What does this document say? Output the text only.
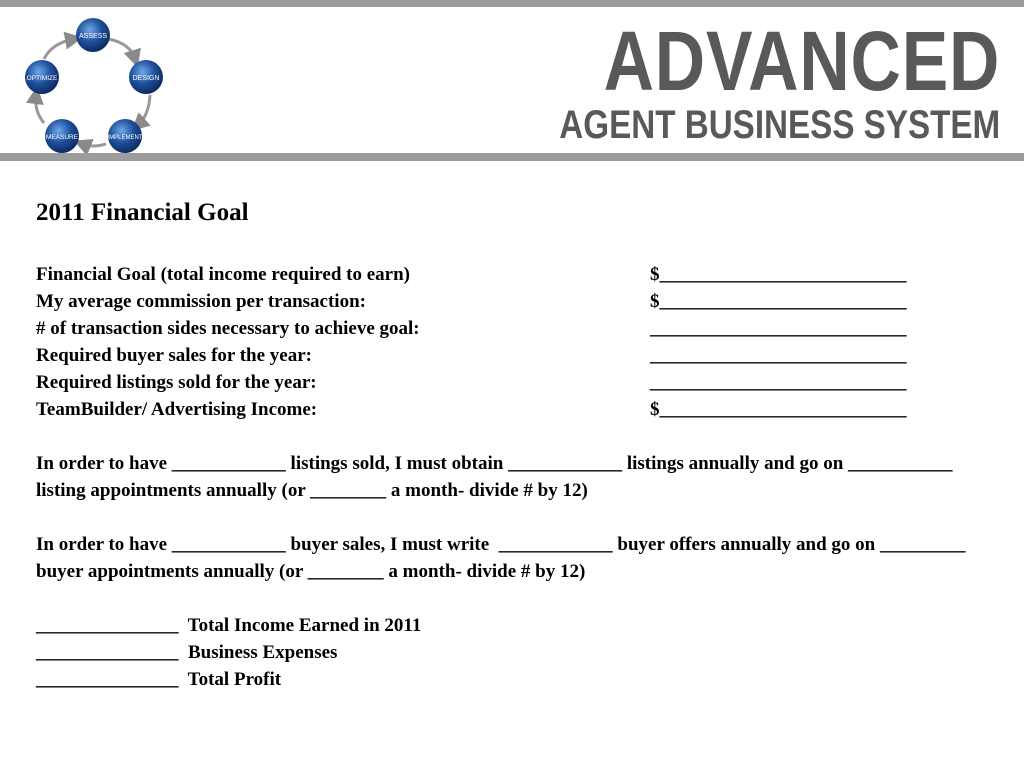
ASSESS
DESIGN
IMPLEMENT
MEASURE
OPTIMIZE	ADVANCED
AGENT BUSINESS SYSTEM
2011 Financial Goal
Financial Goal (total income required to earn)	$__________________________
My average commission per transaction:	$__________________________
# of transaction sides necessary to achieve goal:	___________________________
Required buyer sales for the year:	___________________________
Required listings sold for the year:	___________________________
TeamBuilder/ Advertising Income:	$__________________________
In order to have ____________ listings sold, I must obtain ____________ listings annually and go on ___________ listing appointments annually (or ________ a month- divide # by 12)
In order to have ____________ buyer sales, I must write  ____________ buyer offers annually and go on _________ buyer appointments annually (or ________ a month- divide # by 12)
_______________ Total Income Earned in 2011
_______________ Business Expenses
_______________ Total Profit
